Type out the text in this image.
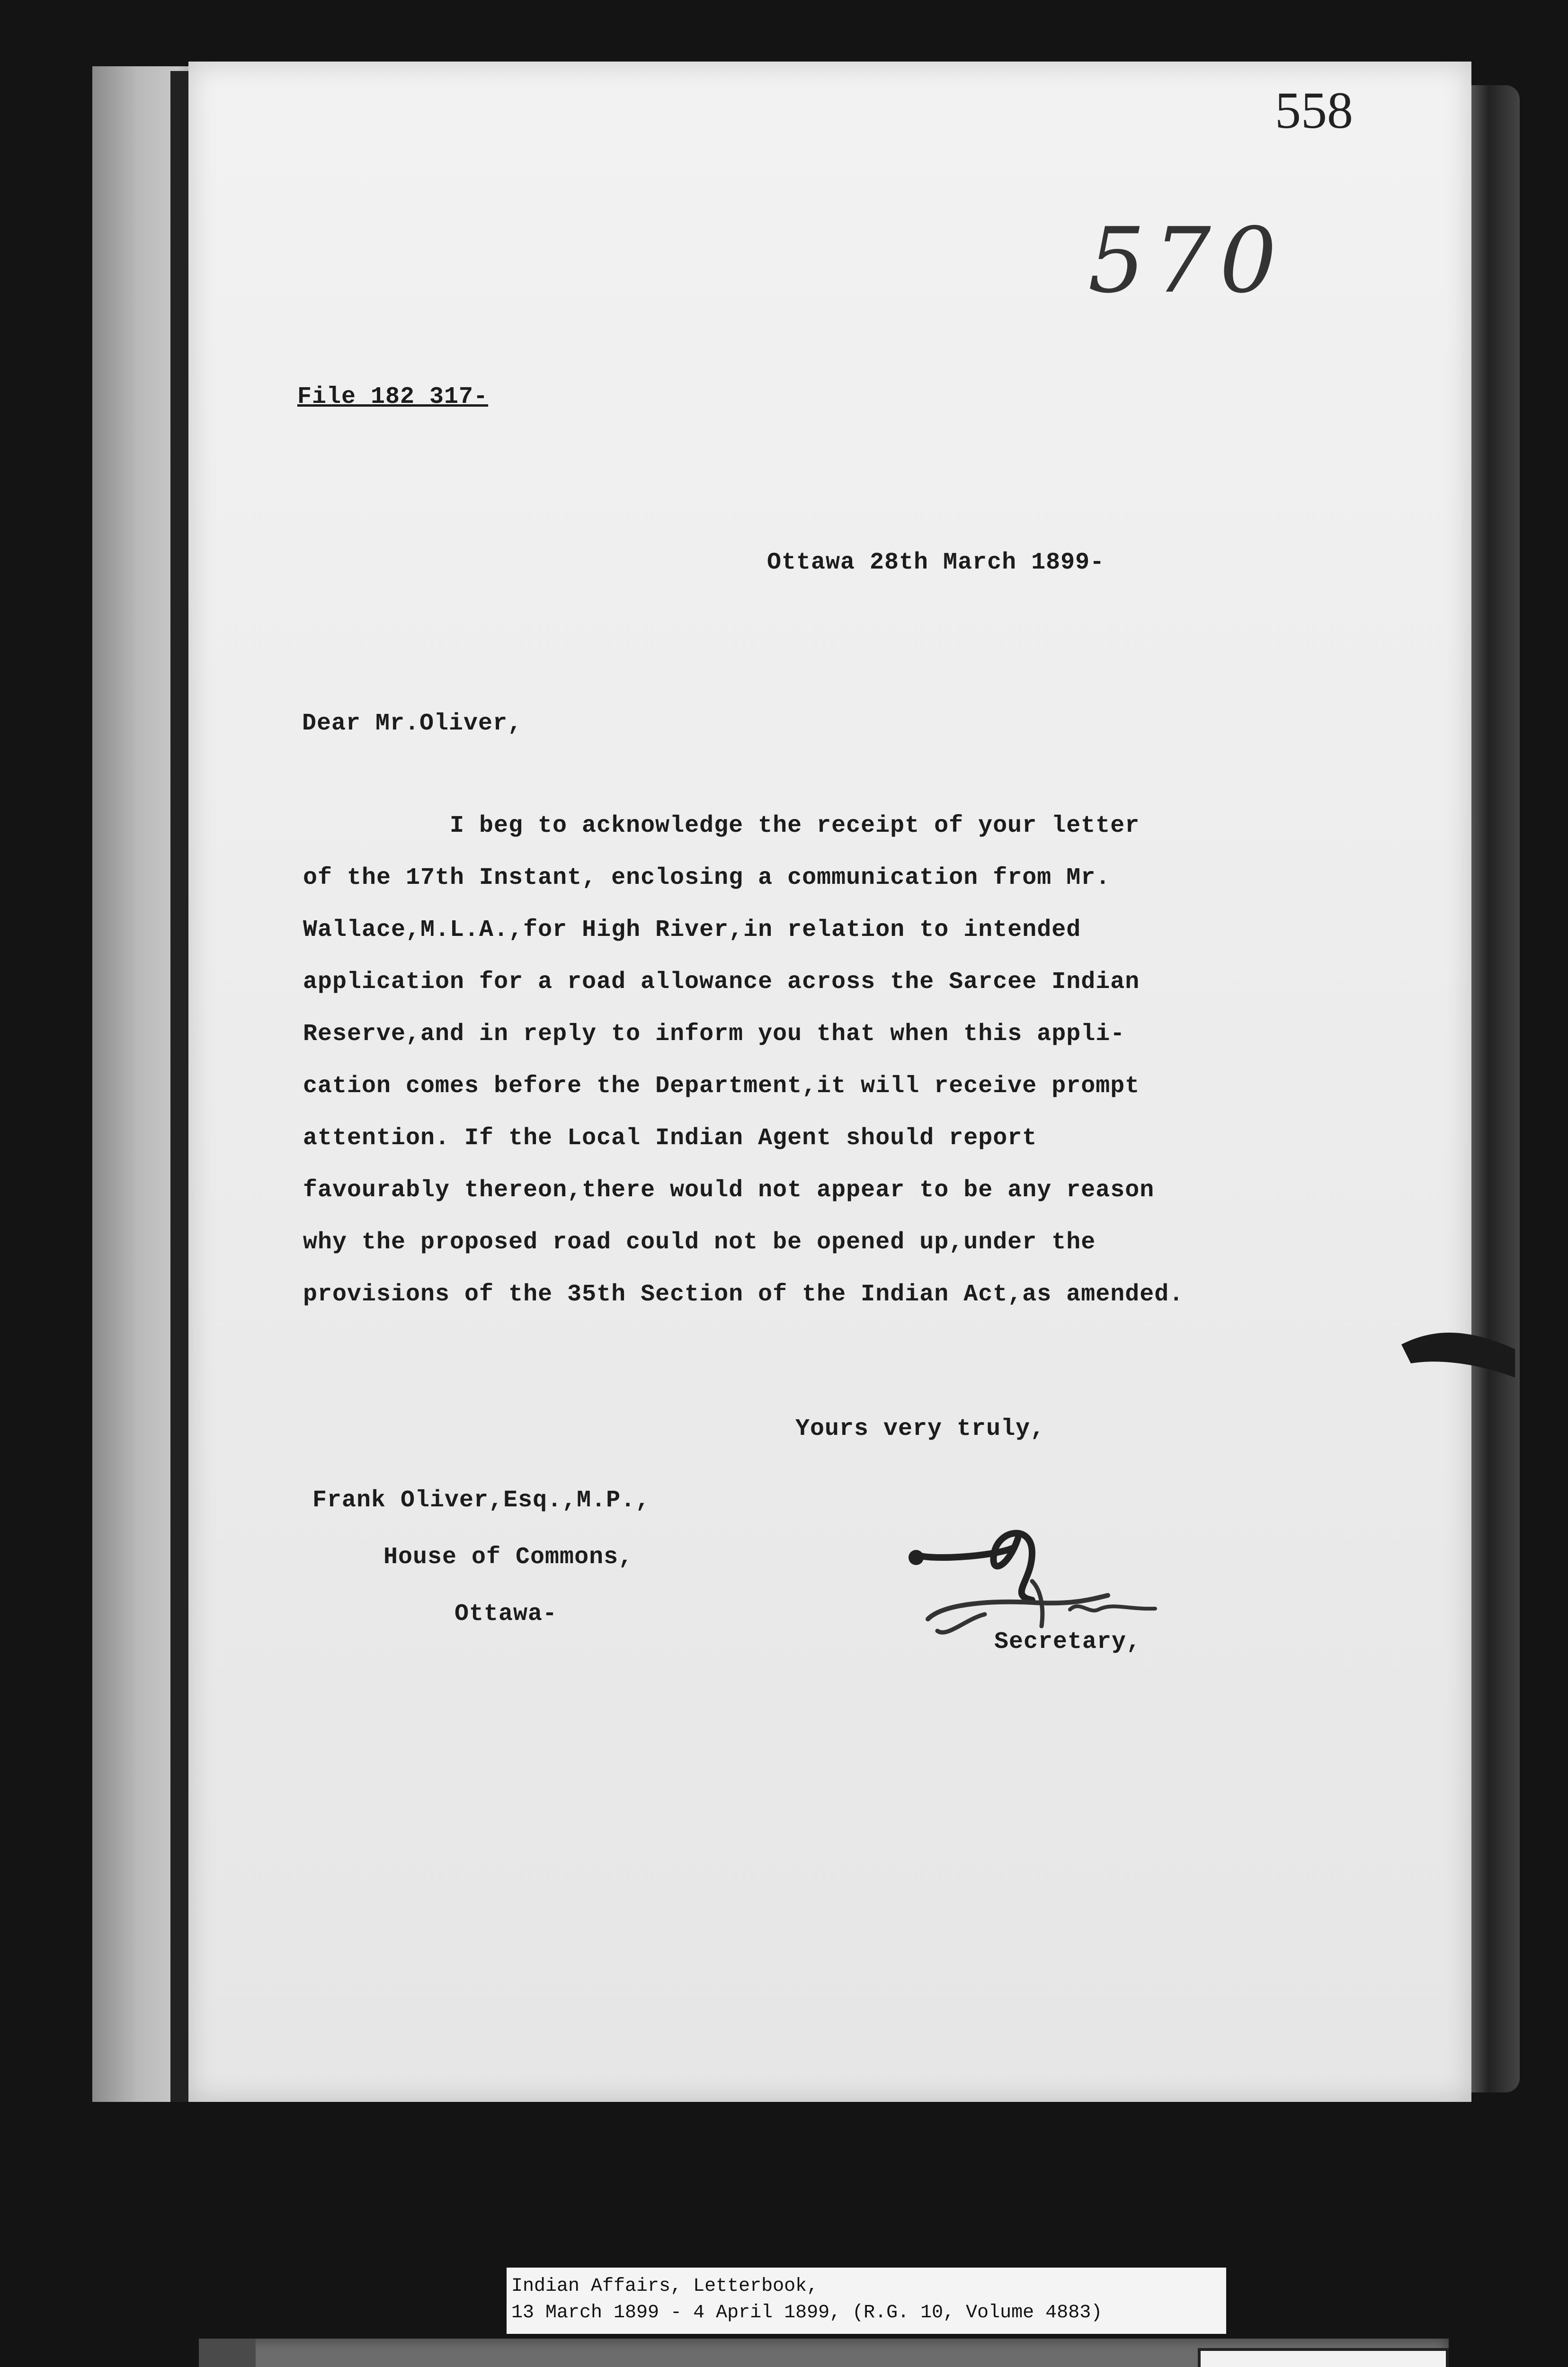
558
570
File 182 317-
Ottawa 28th March 1899-
Dear Mr.Oliver,
I beg to acknowledge the receipt of your letter
of the 17th Instant, enclosing a communication from Mr.
Wallace,M.L.A.,for High River,in relation to intended
application for a road allowance across the Sarcee Indian
Reserve,and in reply to inform you that when this appli-
cation comes before the Department,it will receive prompt
attention. If the Local Indian Agent should report
favourably thereon,there would not appear to be any reason
why the proposed road could not be opened up,under the
provisions of the 35th Section of the Indian Act,as amended.
Yours very truly,
Frank Oliver,Esq.,M.P.,
House of Commons,
Ottawa-
Secretary,
Indian Affairs, Letterbook,
13 March 1899 - 4 April 1899, (R.G. 10, Volume 4883)
